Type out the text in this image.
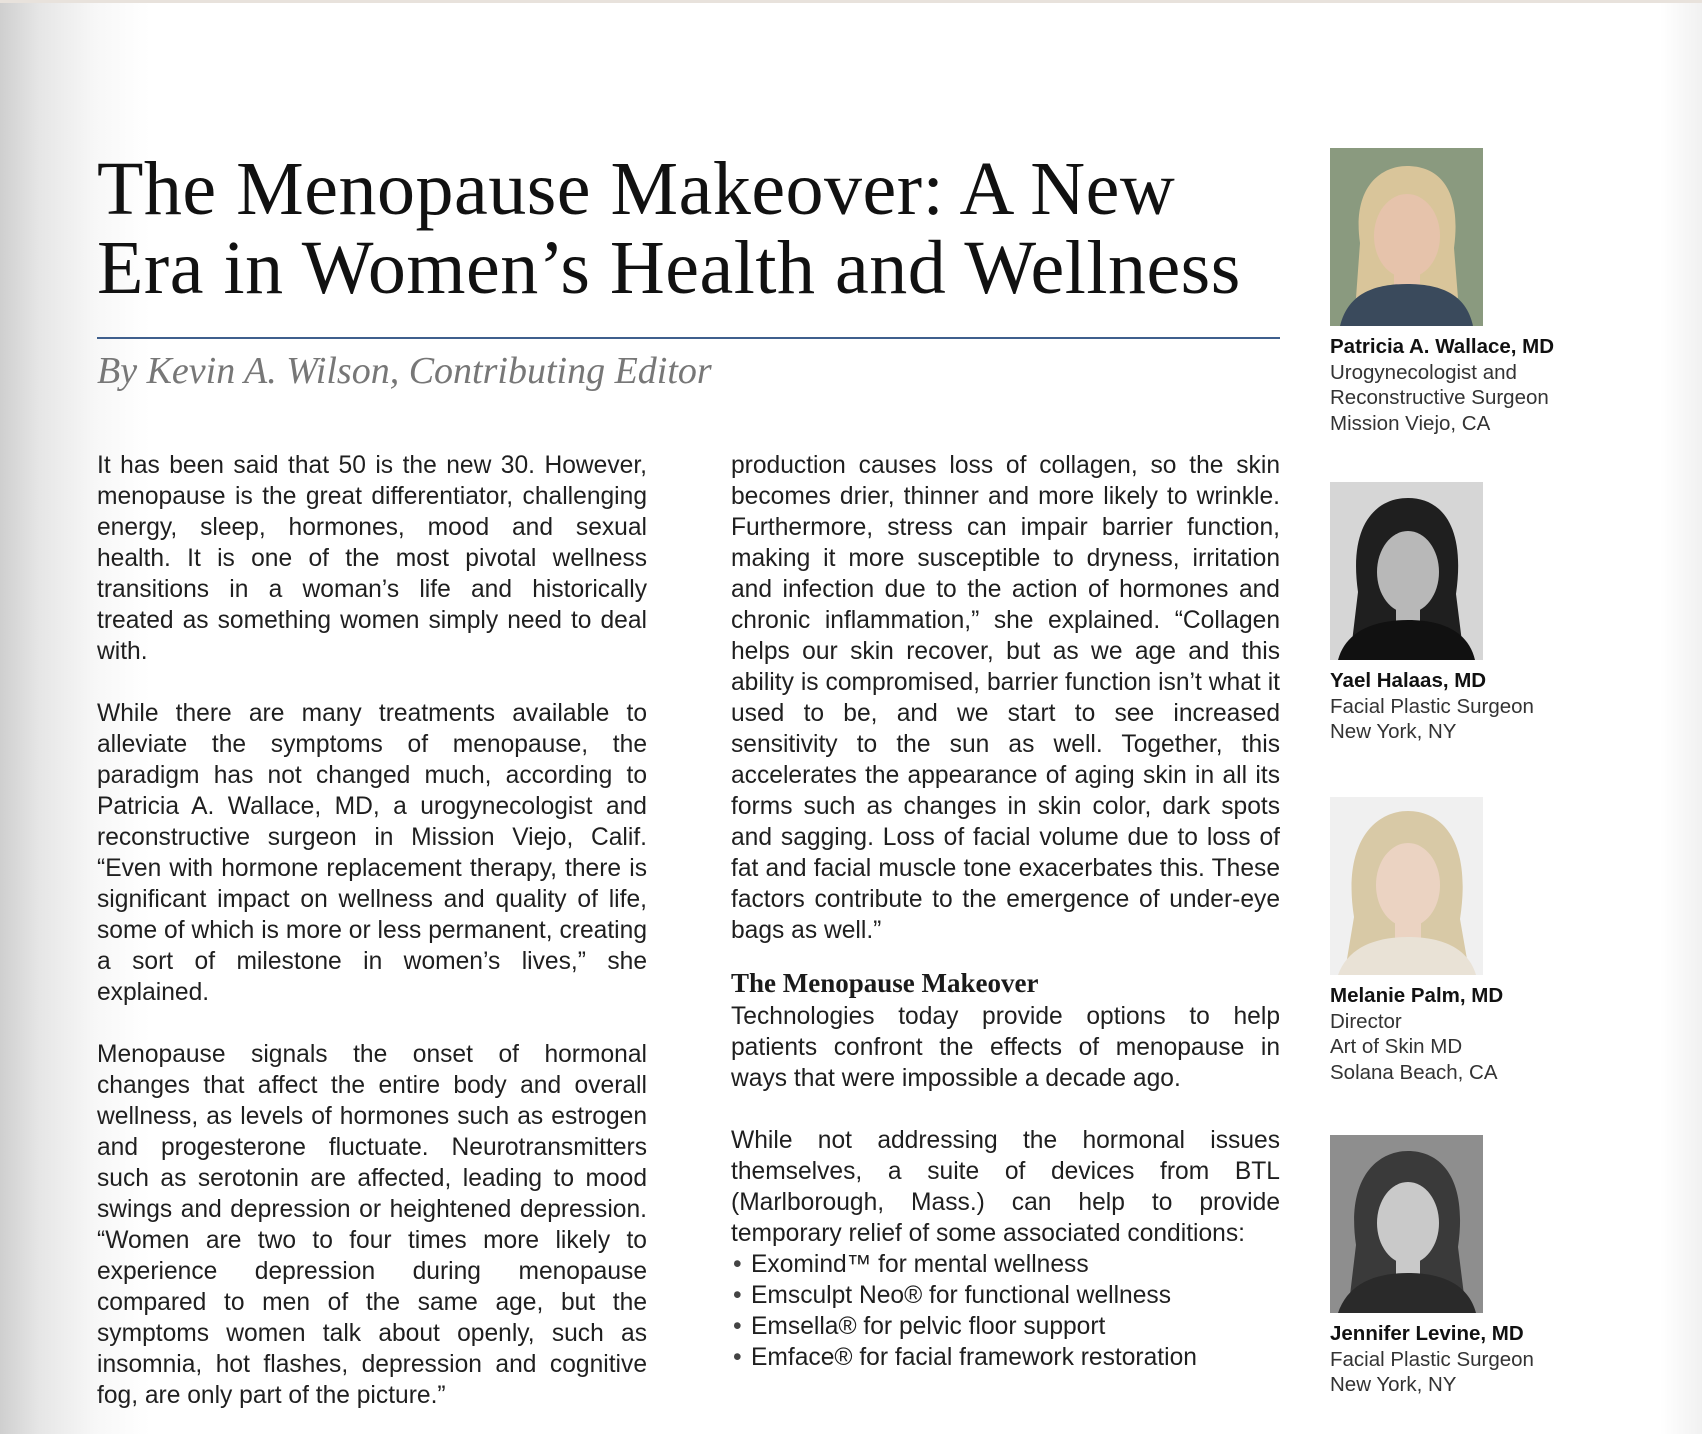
The Menopause Makeover: A New
Era in Women’s Health and Wellness
By Kevin A. Wilson, Contributing Editor

It has been said that 50 is the new 30. However, menopause is the great differentiator, challenging energy, sleep, hormones, mood and sexual health. It is one of the most pivotal wellness transitions in a woman’s life and historically treated as something women simply need to deal with.

While there are many treatments available to alleviate the symptoms of menopause, the paradigm has not changed much, according to Patricia A. Wallace, MD, a urogynecologist and reconstructive surgeon in Mission Viejo, Calif. “Even with hormone replacement therapy, there is significant impact on wellness and quality of life, some of which is more or less permanent, creating a sort of milestone in women’s lives,” she explained.

Menopause signals the onset of hormonal changes that affect the entire body and overall wellness, as levels of hormones such as estrogen and progesterone fluctuate. Neurotransmitters such as serotonin are affected, leading to mood swings and depression or heightened depression. “Women are two to four times more likely to experience depression during menopause compared to men of the same age, but the symptoms women talk about openly, such as insomnia, hot flashes, depression and cognitive fog, are only part of the picture.”

production causes loss of collagen, so the skin becomes drier, thinner and more likely to wrinkle. Furthermore, stress can impair barrier function, making it more susceptible to dryness, irritation and infection due to the action of hormones and chronic inflammation,” she explained. “Collagen helps our skin recover, but as we age and this ability is compromised, barrier function isn’t what it used to be, and we start to see increased sensitivity to the sun as well. Together, this accelerates the appearance of aging skin in all its forms such as changes in skin color, dark spots and sagging. Loss of facial volume due to loss of fat and facial muscle tone exacerbates this. These factors contribute to the emergence of under-eye bags as well.”

The Menopause Makeover

Technologies today provide options to help patients confront the effects of menopause in ways that were impossible a decade ago.

While not addressing the hormonal issues themselves, a suite of devices from BTL (Marlborough, Mass.) can help to provide temporary relief of some associated conditions:

• Exomind™ for mental wellness
• Emsculpt Neo® for functional wellness
• Emsella® for pelvic floor support
• Emface® for facial framework restoration
Patricia A. Wallace, MD
Urogynecologist and
Reconstructive Surgeon
Mission Viejo, CA
Yael Halaas, MD
Facial Plastic Surgeon
New York, NY
Melanie Palm, MD
Director
Art of Skin MD
Solana Beach, CA
Jennifer Levine, MD
Facial Plastic Surgeon
New York, NY
